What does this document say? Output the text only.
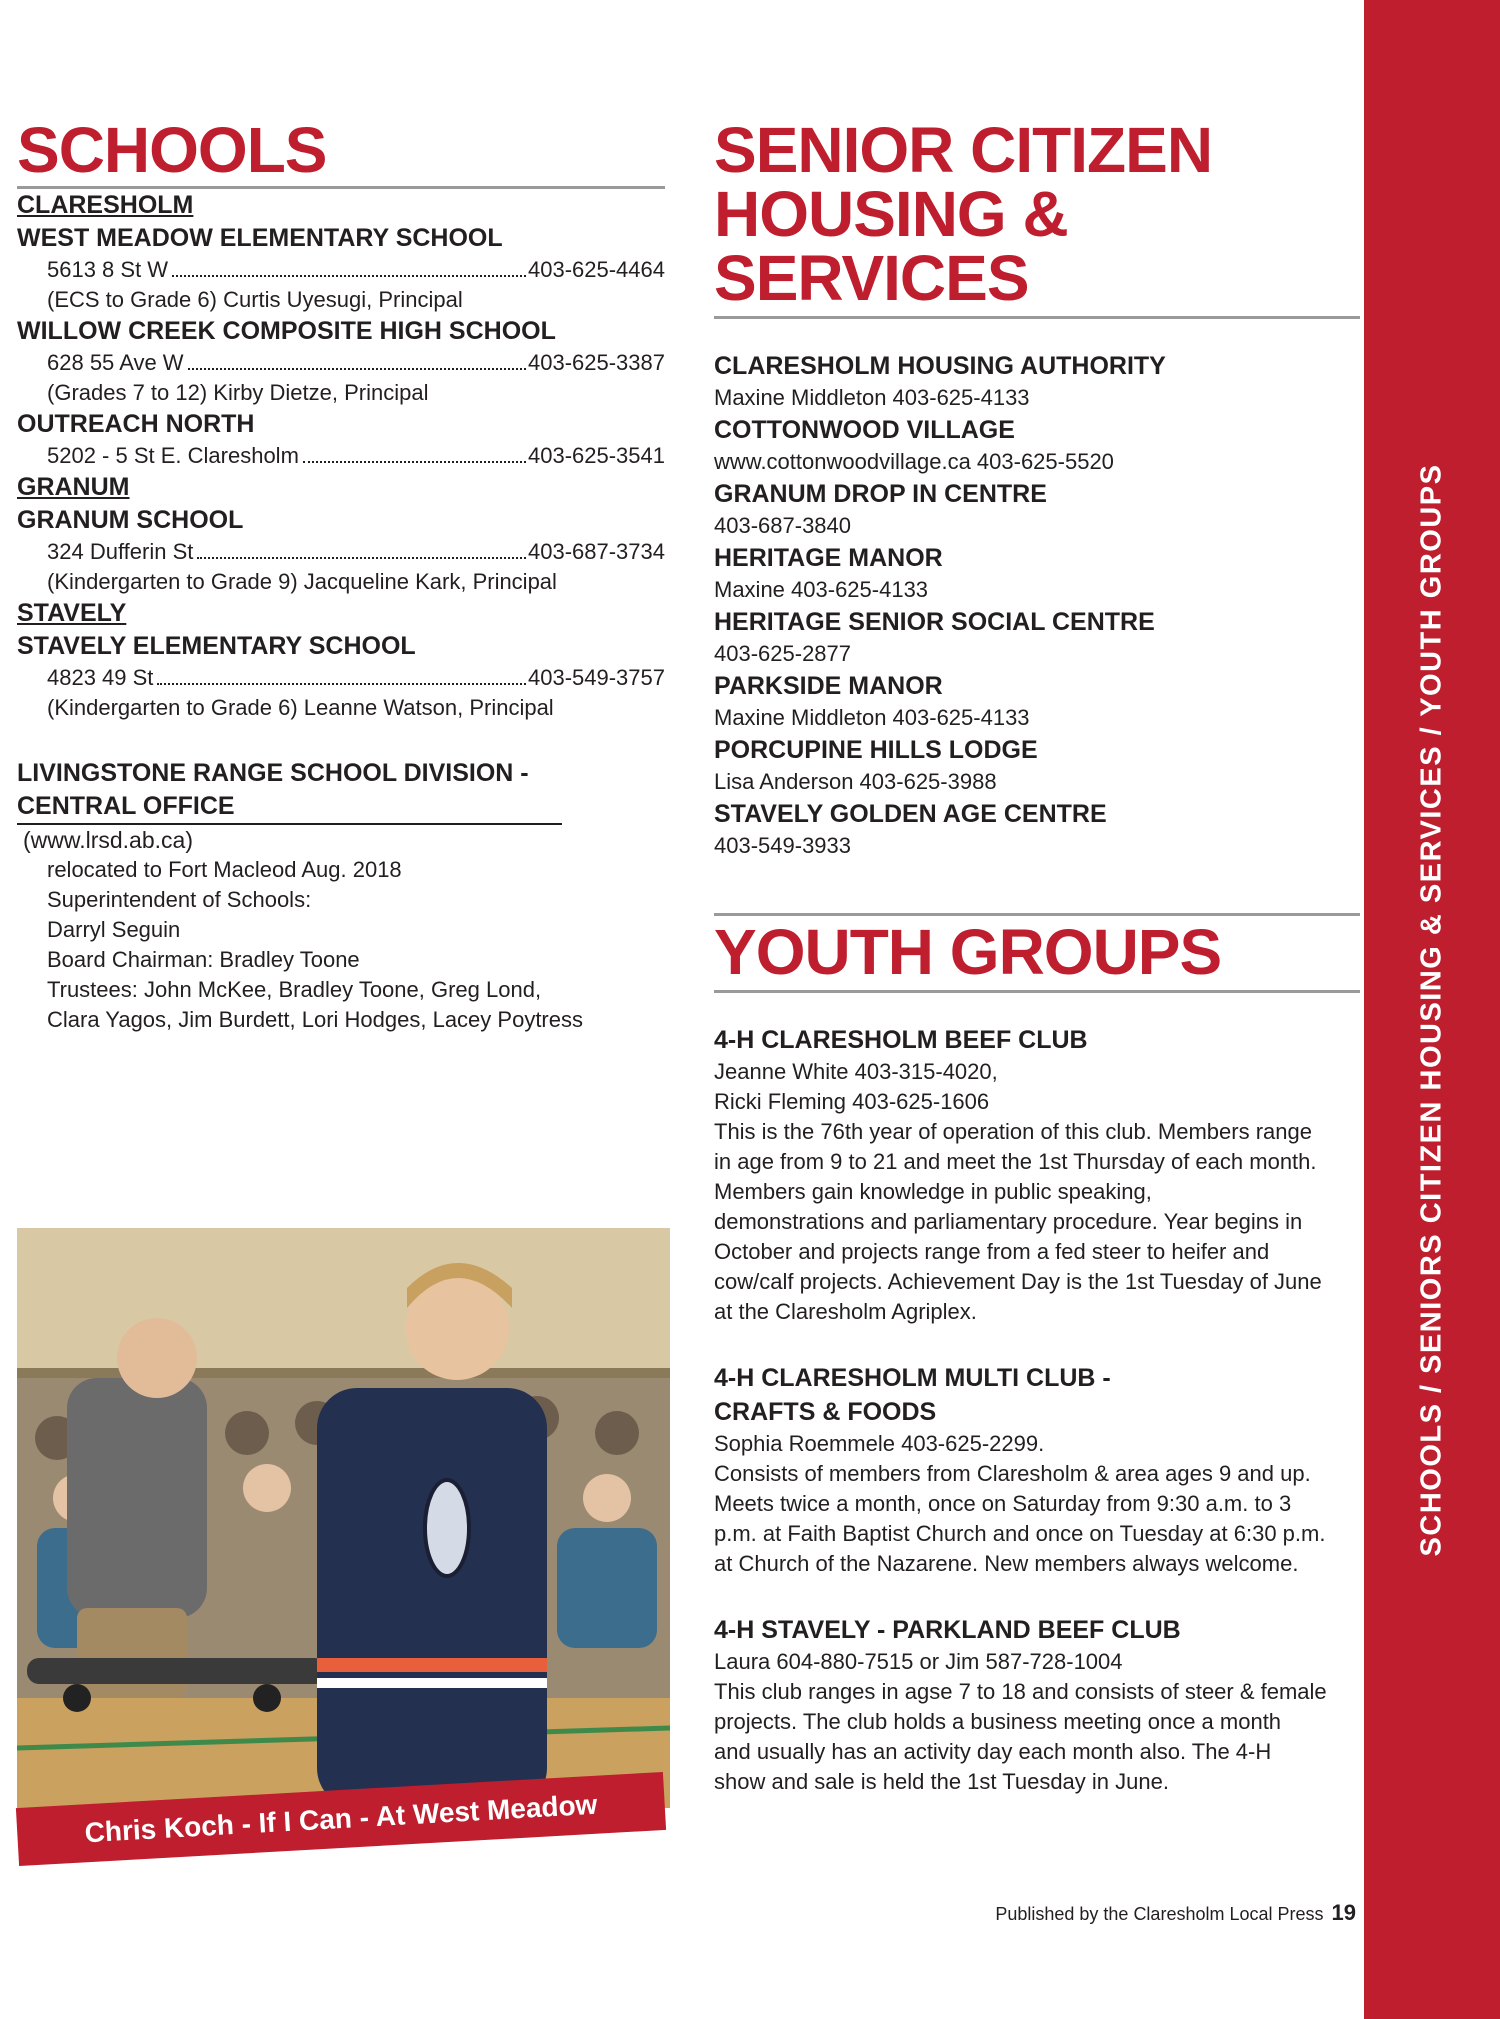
SCHOOLS / SENIORS CITIZEN HOUSING & SERVICES / YOUTH GROUPS
SCHOOLS
CLARESHOLM
WEST MEADOW ELEMENTARY SCHOOL
5613 8 St W	403-625-4464
(ECS to Grade 6) Curtis Uyesugi, Principal
WILLOW CREEK COMPOSITE HIGH SCHOOL
628 55 Ave W	403-625-3387
(Grades 7 to 12) Kirby Dietze, Principal
OUTREACH NORTH
5202 - 5 St E. Claresholm	403-625-3541
GRANUM
GRANUM SCHOOL
324 Dufferin St	403-687-3734
(Kindergarten to Grade 9) Jacqueline Kark, Principal
STAVELY
STAVELY ELEMENTARY SCHOOL
4823 49 St	403-549-3757
(Kindergarten to Grade 6) Leanne Watson, Principal
LIVINGSTONE RANGE SCHOOL DIVISION -
CENTRAL OFFICE
(www.lrsd.ab.ca)
relocated to Fort Macleod Aug. 2018
Superintendent of Schools:
Darryl Seguin
Board Chairman: Bradley Toone
Trustees: John McKee, Bradley Toone, Greg Lond,
Clara Yagos, Jim Burdett, Lori Hodges, Lacey Poytress
Chris Koch - If I Can - At West Meadow
SENIOR CITIZEN
HOUSING &
SERVICES
CLARESHOLM HOUSING AUTHORITY
Maxine Middleton 403-625-4133
COTTONWOOD VILLAGE
www.cottonwoodvillage.ca 403-625-5520
GRANUM DROP IN CENTRE
403-687-3840
HERITAGE MANOR
Maxine 403-625-4133
HERITAGE SENIOR SOCIAL CENTRE
403-625-2877
PARKSIDE MANOR
Maxine Middleton 403-625-4133
PORCUPINE HILLS LODGE
Lisa Anderson 403-625-3988
STAVELY GOLDEN AGE CENTRE
403-549-3933
YOUTH GROUPS
4-H CLARESHOLM BEEF CLUB
Jeanne White 403-315-4020,
Ricki Fleming 403-625-1606
This is the 76th year of operation of this club. Members range
in age from 9 to 21 and meet the 1st Thursday of each month.
Members gain knowledge in public speaking,
demonstrations and parliamentary procedure. Year begins in
October and projects range from a fed steer to heifer and
cow/calf projects. Achievement Day is the 1st Tuesday of June
at the Claresholm Agriplex.
4-H CLARESHOLM MULTI CLUB -
CRAFTS & FOODS
Sophia Roemmele 403-625-2299.
Consists of members from Claresholm & area ages 9 and up.
Meets twice a month, once on Saturday from 9:30 a.m. to 3
p.m. at Faith Baptist Church and once on Tuesday at 6:30 p.m.
at Church of the Nazarene. New members always welcome.
4-H STAVELY - PARKLAND BEEF CLUB
Laura 604-880-7515 or Jim 587-728-1004
This club ranges in agse 7 to 18 and consists of steer & female
projects. The club holds a business meeting once a month
and usually has an activity day each month also. The 4-H
show and sale is held the 1st Tuesday in June.
Published by the Claresholm Local Press 19
